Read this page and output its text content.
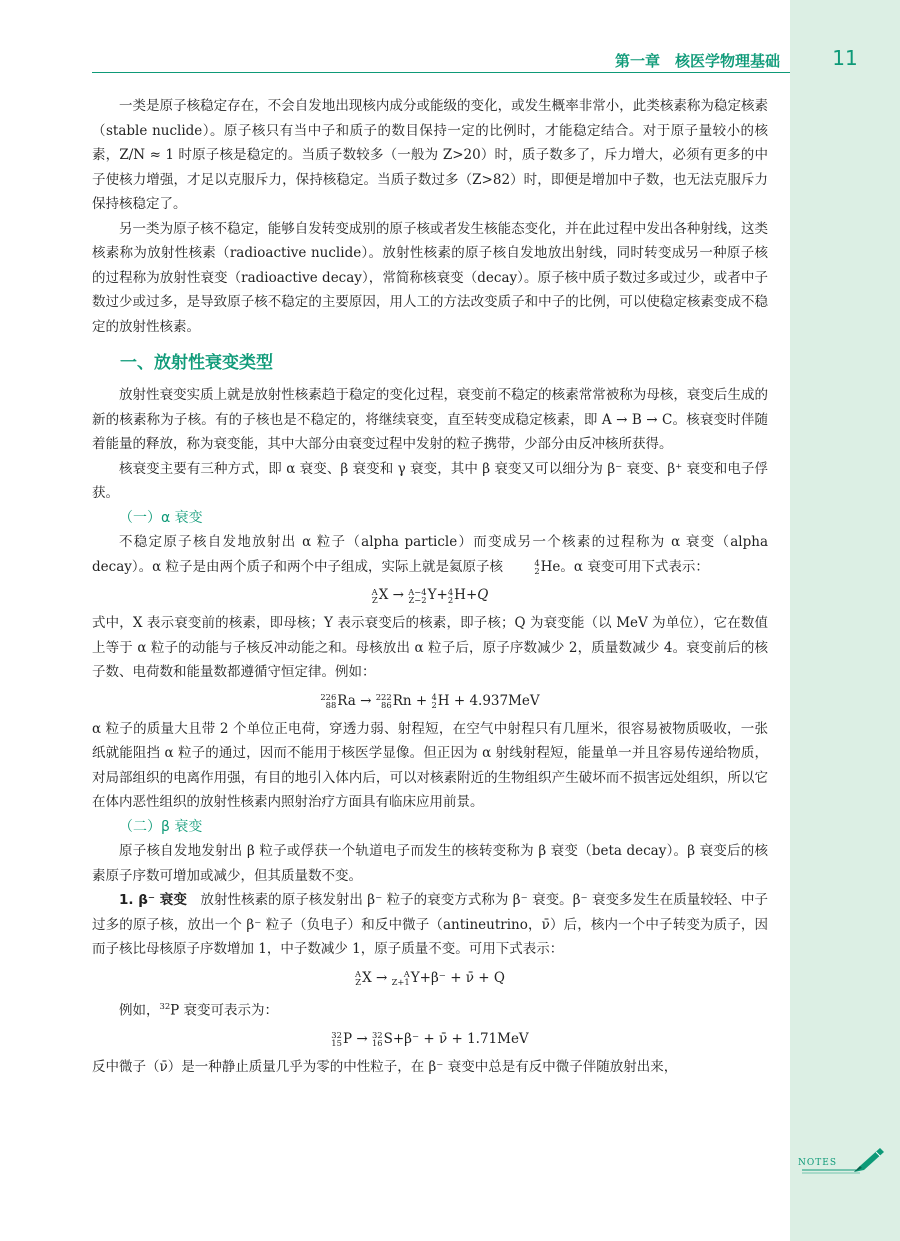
第一章　核医学物理基础	11

一类是原子核稳定存在，不会自发地出现核内成分或能级的变化，或发生概率非常小，此类核素称为稳定核素（stable nuclide）。原子核只有当中子和质子的数目保持一定的比例时，才能稳定结合。对于原子量较小的核素，Z/N ≈ 1 时原子核是稳定的。当质子数较多（一般为 Z>20）时，质子数多了，斥力增大，必须有更多的中子使核力增强，才足以克服斥力，保持核稳定。当质子数过多（Z>82）时，即便是增加中子数，也无法克服斥力保持核稳定了。

另一类为原子核不稳定，能够自发转变成别的原子核或者发生核能态变化，并在此过程中发出各种射线，这类核素称为放射性核素（radioactive nuclide）。放射性核素的原子核自发地放出射线，同时转变成另一种原子核的过程称为放射性衰变（radioactive decay），常简称核衰变（decay）。原子核中质子数过多或过少，或者中子数过少或过多，是导致原子核不稳定的主要原因，用人工的方法改变质子和中子的比例，可以使稳定核素变成不稳定的放射性核素。

一、放射性衰变类型

放射性衰变实质上就是放射性核素趋于稳定的变化过程，衰变前不稳定的核素常常被称为母核，衰变后生成的新的核素称为子核。有的子核也是不稳定的，将继续衰变，直至转变成稳定核素，即 A → B → C。核衰变时伴随着能量的释放，称为衰变能，其中大部分由衰变过程中发射的粒子携带，少部分由反冲核所获得。

核衰变主要有三种方式，即 α 衰变、β 衰变和 γ 衰变，其中 β 衰变又可以细分为 β⁻ 衰变、β⁺ 衰变和电子俘获。

（一）α 衰变

不稳定原子核自发地放射出 α 粒子（alpha particle）而变成另一个核素的过程称为 α 衰变（alpha decay）。α 粒子是由两个质子和两个中子组成，实际上就是氦原子核	4
2 He。α 衰变可用下式表示：

A
Z X → A−4
Z−2 Y+ 4
2 H+Q

式中，X 表示衰变前的核素，即母核；Y 表示衰变后的核素，即子核；Q 为衰变能（以 MeV 为单位），它在数值上等于 α 粒子的动能与子核反冲动能之和。母核放出 α 粒子后，原子序数减少 2，质量数减少 4。衰变前后的核子数、电荷数和能量数都遵循守恒定律。例如：

226
88 Ra → 222
86 Rn + 4
2 H + 4.937MeV

α 粒子的质量大且带 2 个单位正电荷，穿透力弱、射程短，在空气中射程只有几厘米，很容易被物质吸收，一张纸就能阻挡 α 粒子的通过，因而不能用于核医学显像。但正因为 α 射线射程短，能量单一并且容易传递给物质，对局部组织的电离作用强，有目的地引入体内后，可以对核素附近的生物组织产生破坏而不损害远处组织，所以它在体内恶性组织的放射性核素内照射治疗方面具有临床应用前景。

（二）β 衰变

原子核自发地发射出 β 粒子或俘获一个轨道电子而发生的核转变称为 β 衰变（beta decay）。β 衰变后的核素原子序数可增加或减少，但其质量数不变。

1. β⁻ 衰变　放射性核素的原子核发射出 β⁻ 粒子的衰变方式称为 β⁻ 衰变。β⁻ 衰变多发生在质量较轻、中子过多的原子核，放出一个 β⁻ 粒子（负电子）和反中微子（antineutrino，ν̄）后，核内一个中子转变为质子，因而子核比母核原子序数增加 1，中子数减少 1，原子质量不变。可用下式表示：

A
Z X →	A
Z+1 Y+β⁻ + ν̄ + Q

例如，$^{32}$P 衰变可表示为：

32
15 P → 32
16 S+β⁻ + ν̄ + 1.71MeV

反中微子（ν̄）是一种静止质量几乎为零的中性粒子，在 β⁻ 衰变中总是有反中微子伴随放射出来，

NOTES
